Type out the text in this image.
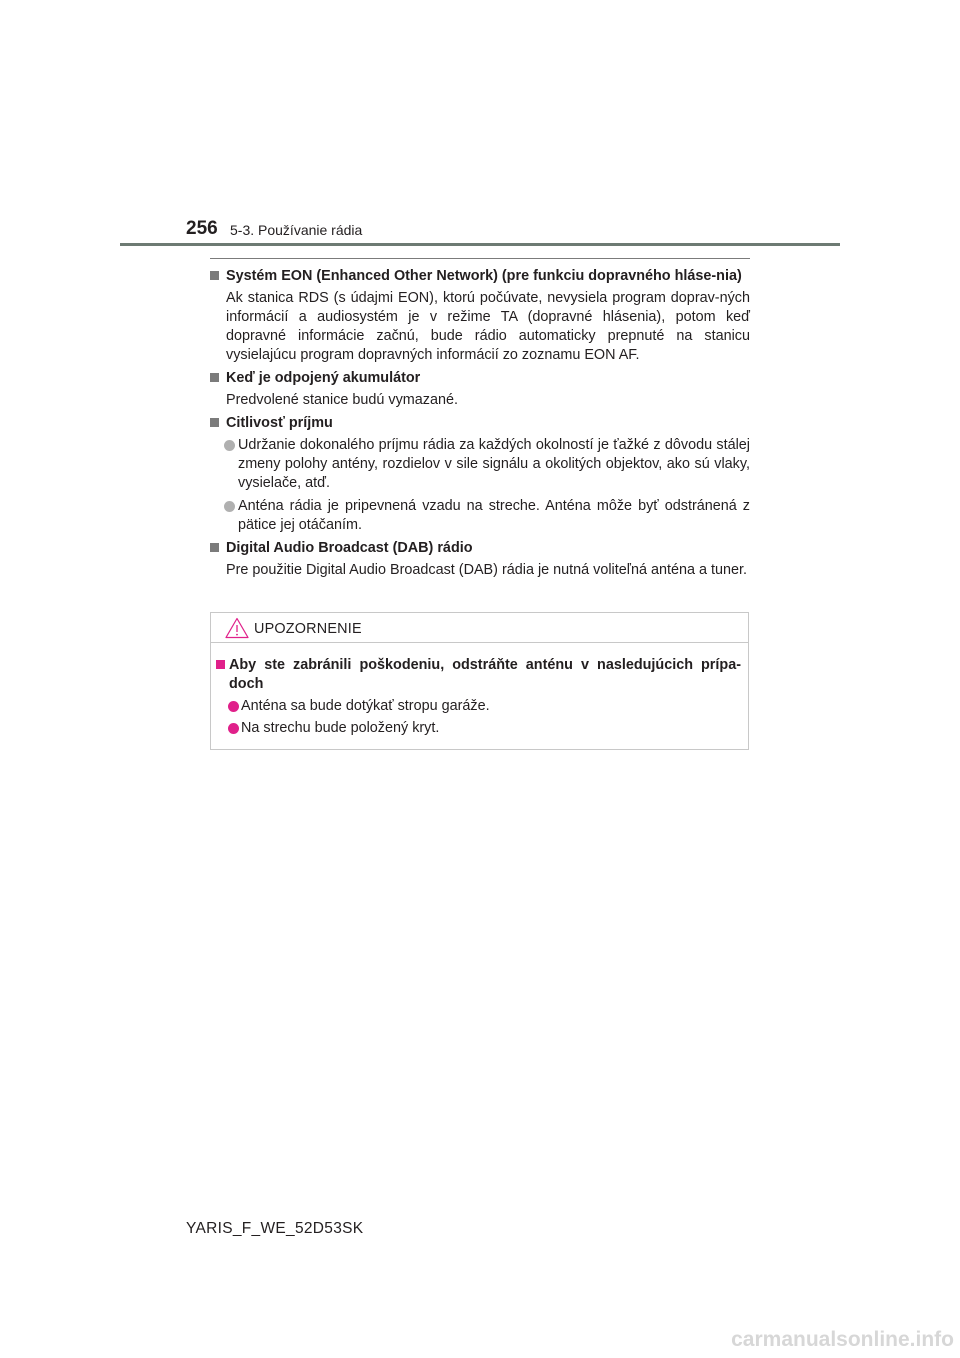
256 5-3. Používanie rádia
Systém EON (Enhanced Other Network) (pre funkciu dopravného hláse-nia)
Ak stanica RDS (s údajmi EON), ktorú počúvate, nevysiela program doprav-ných informácií a audiosystém je v režime TA (dopravné hlásenia), potom keď dopravné informácie začnú, bude rádio automaticky prepnuté na stanicu vysielajúcu program dopravných informácií zo zoznamu EON AF.
Keď je odpojený akumulátor
Predvolené stanice budú vymazané.
Citlivosť príjmu
Udržanie dokonalého príjmu rádia za každých okolností je ťažké z dôvodu stálej zmeny polohy antény, rozdielov v sile signálu a okolitých objektov, ako sú vlaky, vysielače, atď.
Anténa rádia je pripevnená vzadu na streche. Anténa môže byť odstránená z pätice jej otáčaním.
Digital Audio Broadcast (DAB) rádio
Pre použitie Digital Audio Broadcast (DAB) rádia je nutná voliteľná anténa a tuner.
UPOZORNENIE
Aby ste zabránili poškodeniu, odstráňte anténu v nasledujúcich prípa-doch
Anténa sa bude dotýkať stropu garáže.
Na strechu bude položený kryt.
YARIS_F_WE_52D53SK
carmanualsonline.info
